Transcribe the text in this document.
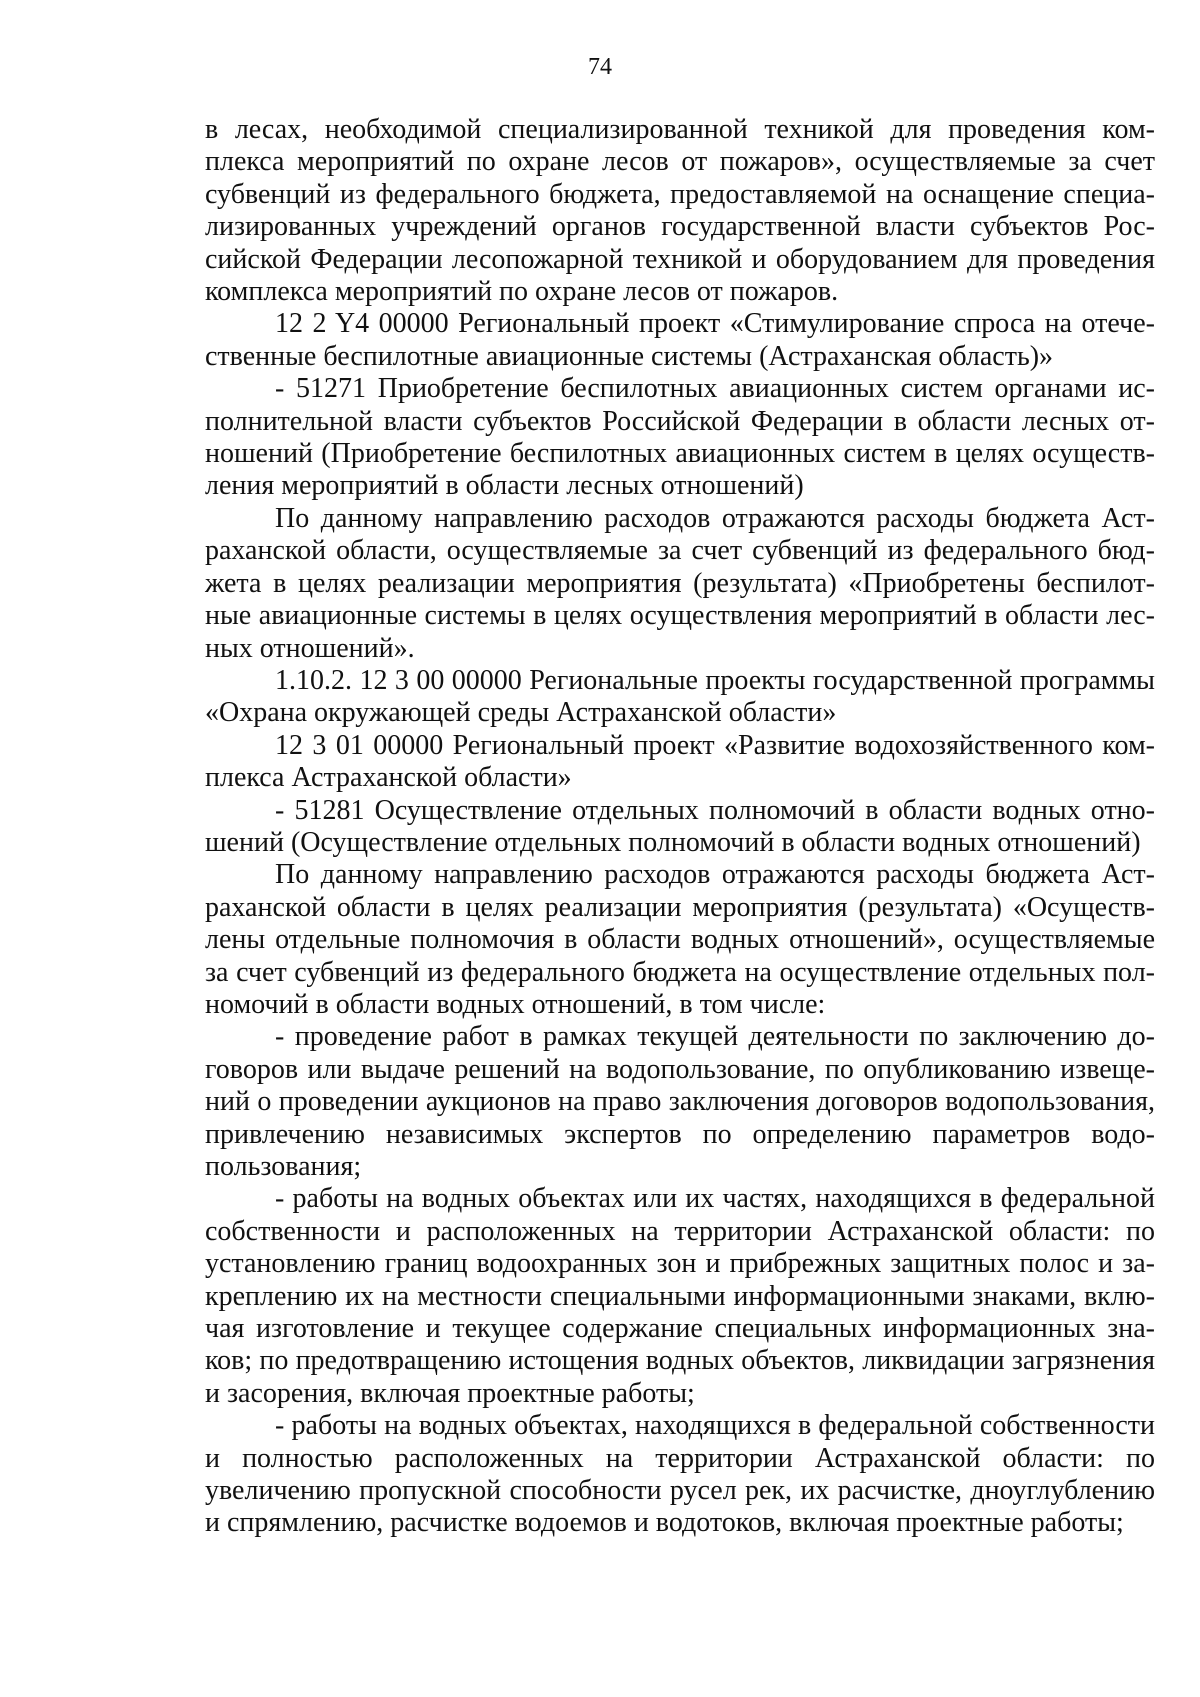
74

в лесах, необходимой специализированной техникой для проведения комплекса мероприятий по охране лесов от пожаров», осуществляемые за счет субвенций из федерального бюджета, предоставляемой на оснащение специализированных учреждений органов государственной власти субъектов Российской Федерации лесопожарной техникой и оборудованием для проведения комплекса мероприятий по охране лесов от пожаров.

12 2 Y4 00000 Региональный проект «Стимулирование спроса на отечественные беспилотные авиационные системы (Астраханская область)»

- 51271 Приобретение беспилотных авиационных систем органами исполнительной власти субъектов Российской Федерации в области лесных отношений (Приобретение беспилотных авиационных систем в целях осуществления мероприятий в области лесных отношений)

По данному направлению расходов отражаются расходы бюджета Астраханской области, осуществляемые за счет субвенций из федерального бюджета в целях реализации мероприятия (результата) «Приобретены беспилотные авиационные системы в целях осуществления мероприятий в области лесных отношений».

1.10.2. 12 3 00 00000 Региональные проекты государственной программы «Охрана окружающей среды Астраханской области»

12 3 01 00000 Региональный проект «Развитие водохозяйственного комплекса Астраханской области»

- 51281 Осуществление отдельных полномочий в области водных отношений (Осуществление отдельных полномочий в области водных отношений)

По данному направлению расходов отражаются расходы бюджета Астраханской области в целях реализации мероприятия (результата) «Осуществлены отдельные полномочия в области водных отношений», осуществляемые за счет субвенций из федерального бюджета на осуществление отдельных полномочий в области водных отношений, в том числе:

- проведение работ в рамках текущей деятельности по заключению договоров или выдаче решений на водопользование, по опубликованию извещений о проведении аукционов на право заключения договоров водопользования, привлечению независимых экспертов по определению параметров водопользования;

- работы на водных объектах или их частях, находящихся в федеральной собственности и расположенных на территории Астраханской области: по установлению границ водоохранных зон и прибрежных защитных полос и закреплению их на местности специальными информационными знаками, включая изготовление и текущее содержание специальных информационных знаков; по предотвращению истощения водных объектов, ликвидации загрязнения и засорения, включая проектные работы;

- работы на водных объектах, находящихся в федеральной собственности и полностью расположенных на территории Астраханской области: по увеличению пропускной способности русел рек, их расчистке, дноуглублению и спрямлению, расчистке водоемов и водотоков, включая проектные работы;
